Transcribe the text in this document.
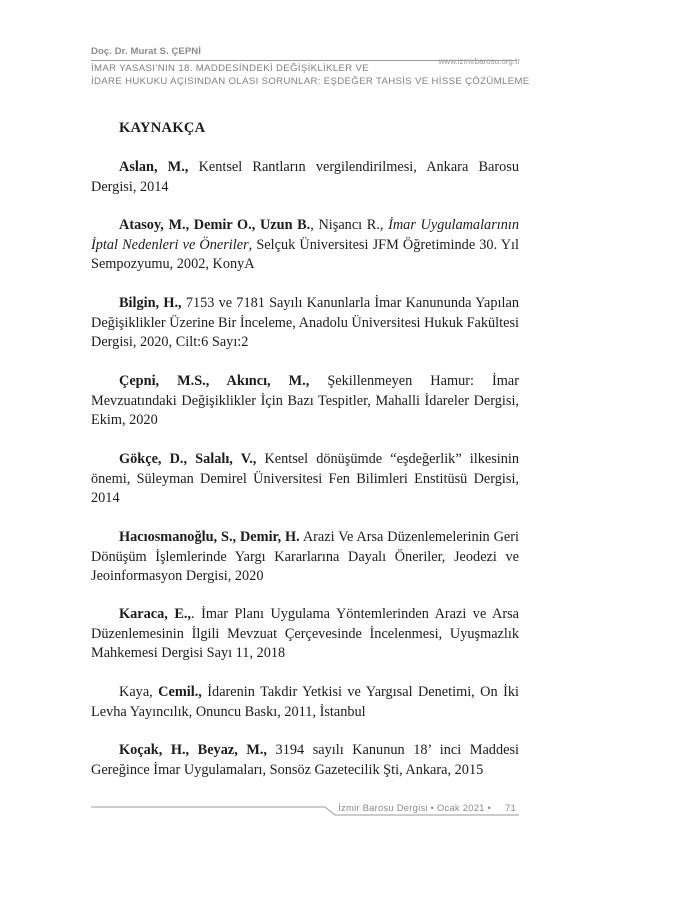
Doç. Dr. Murat S. ÇEPNİ
www.izmirbarosu.org.tr
İMAR YASASI’NIN 18. MADDESİNDEKİ DEĞİŞİKLİKLER VE
İDARE HUKUKU AÇISINDAN OLASI SORUNLAR: EŞDEĞER TAHSİS VE HİSSE ÇÖZÜMLEME
KAYNAKÇA

Aslan, M., Kentsel Rantların vergilendirilmesi, Ankara Barosu Dergisi, 2014

Atasoy, M., Demir O., Uzun B., Nişancı R., İmar Uygulamalarının İptal Nedenleri ve Öneriler, Selçuk Üniversitesi JFM Öğretiminde 30. Yıl Sempozyumu, 2002, KonyA

Bilgin, H., 7153 ve 7181 Sayılı Kanunlarla İmar Kanununda Yapılan Değişiklikler Üzerine Bir İnceleme, Anadolu Üniversitesi Hukuk Fakültesi Dergisi, 2020, Cilt:6 Sayı:2

Çepni, M.S., Akıncı, M., Şekillenmeyen Hamur: İmar Mevzuatındaki Değişiklikler İçin Bazı Tespitler, Mahalli İdareler Dergisi, Ekim, 2020

Gökçe, D., Salalı, V., Kentsel dönüşümde “eşdeğerlik” ilkesinin önemi, Süleyman Demirel Üniversitesi Fen Bilimleri Enstitüsü Dergisi, 2014

Hacıosmanoğlu, S., Demir, H. Arazi Ve Arsa Düzenlemelerinin Geri Dönüşüm İşlemlerinde Yargı Kararlarına Dayalı Öneriler, Jeodezi ve Jeoinformasyon Dergisi, 2020

Karaca, E.,. İmar Planı Uygulama Yöntemlerinden Arazi ve Arsa Düzenlemesinin İlgili Mevzuat Çerçevesinde İncelenmesi, Uyuşmazlık Mahkemesi Dergisi Sayı 11, 2018

Kaya, Cemil., İdarenin Takdir Yetkisi ve Yargısal Denetimi, On İki Levha Yayıncılık, Onuncu Baskı, 2011, İstanbul

Koçak, H., Beyaz, M., 3194 sayılı Kanunun 18’ inci Maddesi Gereğince İmar Uygulamaları, Sonsöz Gazetecilik Şti, Ankara, 2015

İzmir Barosu Dergisi • Ocak 2021 • 71
